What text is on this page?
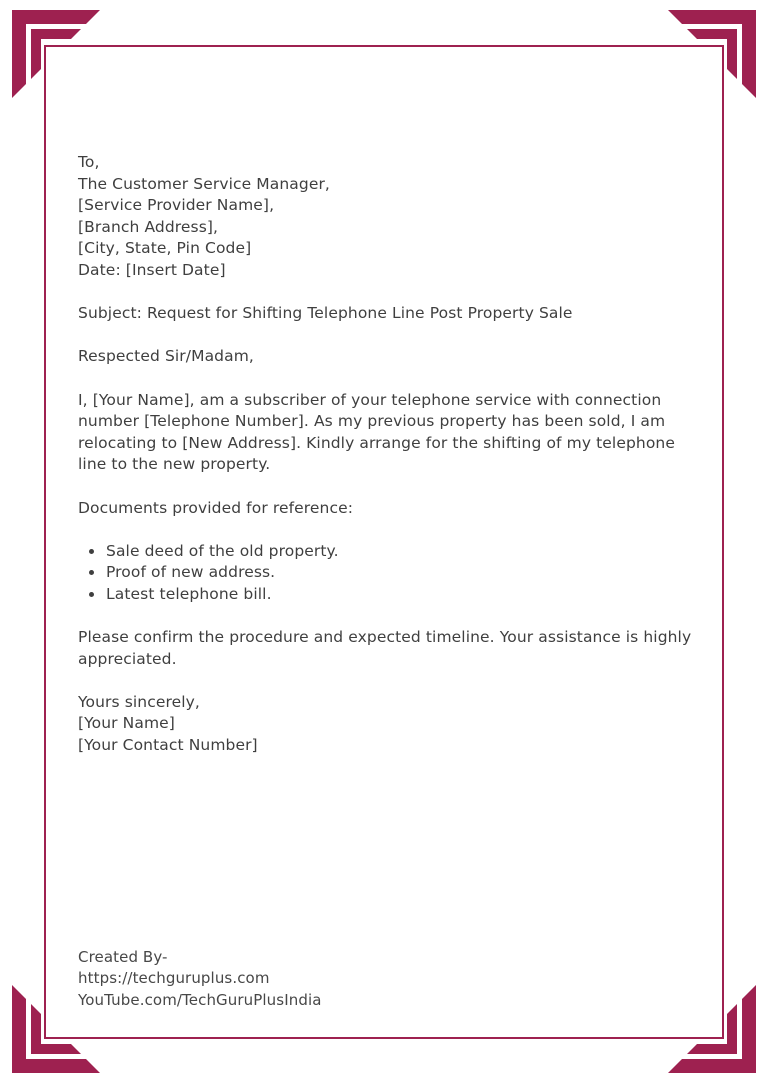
To,
The Customer Service Manager,
[Service Provider Name],
[Branch Address],
[City, State, Pin Code]
Date: [Insert Date]
Subject: Request for Shifting Telephone Line Post Property Sale
Respected Sir/Madam,
I, [Your Name], am a subscriber of your telephone service with connection
number [Telephone Number]. As my previous property has been sold, I am
relocating to [New Address]. Kindly arrange for the shifting of my telephone
line to the new property.
Documents provided for reference:
• Sale deed of the old property.
• Proof of new address.
• Latest telephone bill.
Please confirm the procedure and expected timeline. Your assistance is highly
appreciated.
Yours sincerely,
[Your Name]
[Your Contact Number]
Created By-
https://techguruplus.com
YouTube.com/TechGuruPlusIndia
